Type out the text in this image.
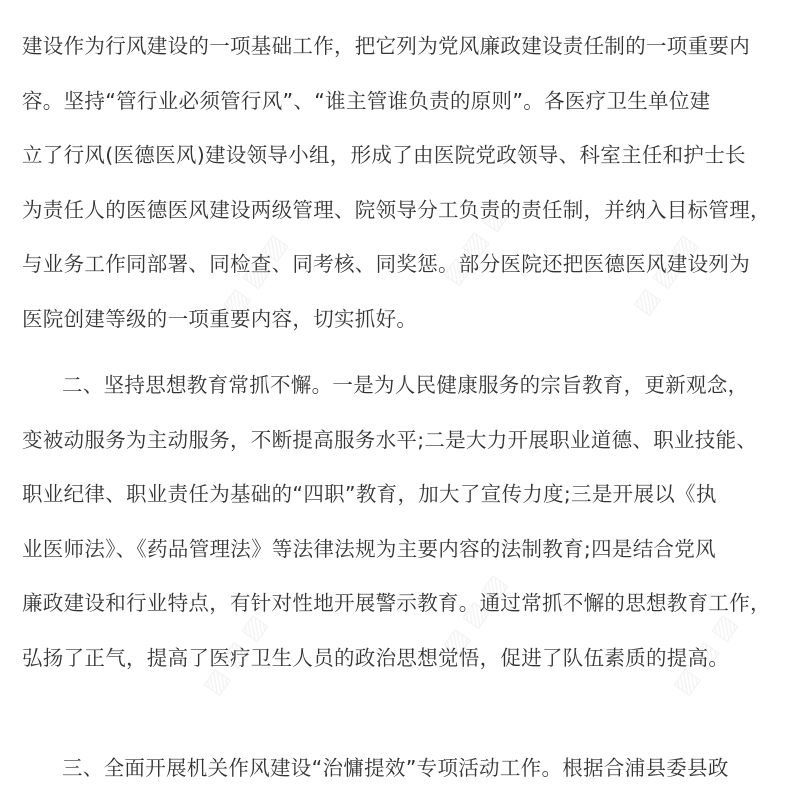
建设作为行风建设的一项基础工作，把它列为党风廉政建设责任制的一项重要内
容。坚持“管行业必须管行风”、“谁主管谁负责的原则”。各医疗卫生单位建
立了行风(医德医风)建设领导小组，形成了由医院党政领导、科室主任和护士长
为责任人的医德医风建设两级管理、院领导分工负责的责任制，并纳入目标管理，
与业务工作同部署、同检查、同考核、同奖惩。部分医院还把医德医风建设列为
医院创建等级的一项重要内容，切实抓好。
二、坚持思想教育常抓不懈。一是为人民健康服务的宗旨教育，更新观念，
变被动服务为主动服务，不断提高服务水平;二是大力开展职业道德、职业技能、
职业纪律、职业责任为基础的“四职”教育，加大了宣传力度;三是开展以《执
业医师法》、《药品管理法》等法律法规为主要内容的法制教育;四是结合党风
廉政建设和行业特点，有针对性地开展警示教育。通过常抓不懈的思想教育工作，
弘扬了正气，提高了医疗卫生人员的政治思想觉悟，促进了队伍素质的提高。
三、全面开展机关作风建设“治慵提效”专项活动工作。根据合浦县委县政
